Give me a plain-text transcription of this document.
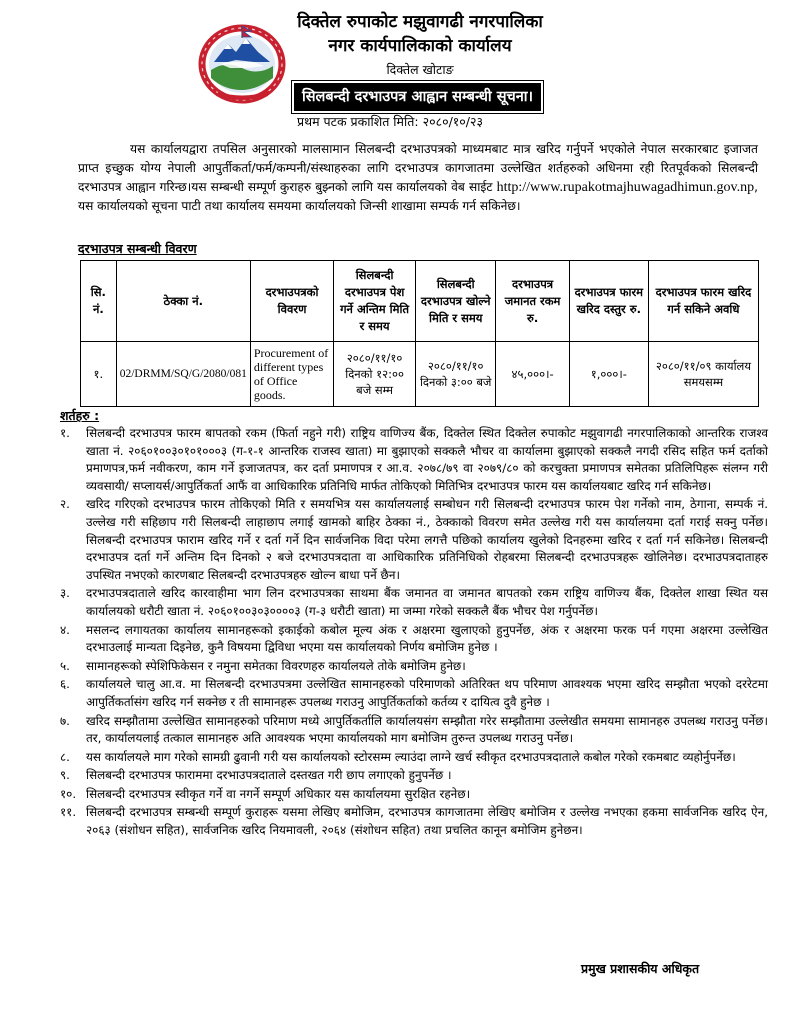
दिक्तेल रुपाकोट मझुवागढी नगरपालिका

नगर कार्यपालिकाको कार्यालय

दिक्तेल खोटाङ

सिलबन्दी दरभाउपत्र आह्वान सम्बन्धी सूचना।
प्रथम पटक प्रकाशित मिति: २०८०/१०/२३
यस कार्यालयद्वारा तपसिल अनुसारको मालसामान सिलबन्दी दरभाउपत्रको माध्यमबाट मात्र खरिद गर्नुपर्ने भएकोले नेपाल सरकारबाट इजाजत प्राप्त इच्छुक योग्य नेपाली आपुर्तीकर्ता/फर्म/कम्पनी/संस्थाहरुका लागि दरभाउपत्र कागजातमा उल्लेखित शर्तहरुको अधिनमा रही रितपूर्वकको सिलबन्दी दरभाउपत्र आह्वान गरिन्छ।यस सम्बन्धी सम्पूर्ण कुराहरु बुझ्नको लागि यस कार्यालयको वेब साईट http://www.rupakotmajhuwagadhimun.gov.np, यस कार्यालयको सूचना पाटी तथा कार्यालय समयमा कार्यालयको जिन्सी शाखामा सम्पर्क गर्न सकिनेछ।
दरभाउपत्र सम्बन्धी विवरण
सि. नं.	ठेक्का नं.	दरभाउपत्रको विवरण	सिलबन्दी दरभाउपत्र पेश गर्ने अन्तिम मिति र समय	सिलबन्दी दरभाउपत्र खोल्ने मिति र समय	दरभाउपत्र जमानत रकम रु.	दरभाउपत्र फारम खरिद दस्तुर रु.	दरभाउपत्र फारम खरिद गर्न सकिने अवधि
१.	02/DRMM/SQ/G/2080/081	Procurement of different types of Office goods.	२०८०/११/१० दिनको १२:०० बजे सम्म	२०८०/११/१० दिनको ३:०० बजे	४५,०००।-	१,०००।-	२०८०/११/०९ कार्यालय समयसम्म
शर्तहरु :
१.	सिलबन्दी दरभाउपत्र फारम बापतको रकम (फिर्ता नहुने गरी) राष्ट्रिय वाणिज्य बैंक, दिक्तेल स्थित दिक्तेल रुपाकोट मझुवागढी नगरपालिकाको आन्तरिक राजश्व खाता नं. २०६०१००३०१०१०००३ (ग-१-१ आन्तरिक राजस्व खाता) मा बुझाएको सक्कलै भौचर वा कार्यालमा बुझाएको सक्कलै नगदी रसिद सहित फर्म दर्ताको प्रमाणपत्र,फर्म नवीकरण, काम गर्ने इजाजतपत्र, कर दर्ता प्रमाणपत्र र आ.व. २०७८/७९ वा २०७९/८० को करचुक्ता प्रमाणपत्र समेतका प्रतिलिपिहरू संलग्न गरी व्यवसायी/ सप्लायर्स/आपुर्तिकर्ता आफैं वा आधिकारिक प्रतिनिधि मार्फत तोकिएको मितिभित्र दरभाउपत्र फारम यस कार्यालयबाट खरिद गर्न सकिनेछ।
२.	खरिद गरिएको दरभाउपत्र फारम तोकिएको मिति र समयभित्र यस कार्यालयलाई सम्बोधन गरी सिलबन्दी दरभाउपत्र फारम पेश गर्नेको नाम, ठेगाना, सम्पर्क नं. उल्लेख गरी सहिछाप गरी सिलबन्दी लाहाछाप लगाई खामको बाहिर ठेक्का नं., ठेक्काको विवरण समेत उल्लेख गरी यस कार्यालयमा दर्ता गराई सक्नु पर्नेछ। सिलबन्दी दरभाउपत्र फाराम खरिद गर्ने र दर्ता गर्ने दिन सार्वजनिक विदा परेमा लगत्तै पछिको कार्यालय खुलेको दिनहरुमा खरिद र दर्ता गर्न सकिनेछ। सिलबन्दी दरभाउपत्र दर्ता गर्ने अन्तिम दिन दिनको २ बजे दरभाउपत्रदाता वा आधिकारिक प्रतिनिधिको रोहबरमा सिलबन्दी दरभाउपत्रहरू खोलिनेछ। दरभाउपत्रदाताहरु उपस्थित नभएको कारणबाट सिलबन्दी दरभाउपत्रहरु खोल्न बाधा पर्ने छैन।
३.	दरभाउपत्रदाताले खरिद कारवाहीमा भाग लिन दरभाउपत्रका साथमा बैंक जमानत वा जमानत बापतको रकम राष्ट्रिय वाणिज्य बैंक, दिक्तेल शाखा स्थित यस कार्यालयको धरौटी खाता नं. २०६०१००३०३००००३ (ग-३ धरौटी खाता) मा जम्मा गरेको सक्कलै बैंक भौचर पेश गर्नुपर्नेछ।
४.	मसलन्द लगायतका कार्यालय सामानहरूको इकाईको कबोल मूल्य अंक र अक्षरमा खुलाएको हुनुपर्नेछ, अंक र अक्षरमा फरक पर्न गएमा अक्षरमा उल्लेखित दरभाउलाई मान्यता दिइनेछ, कुनै विषयमा द्विविधा भएमा यस कार्यालयको निर्णय बमोजिम हुनेछ ।
५.	सामानहरूको स्पेशिफिकेसन र नमुना समेतका विवरणहरु कार्यालयले तोके बमोजिम हुनेछ।
६.	कार्यालयले चालु आ.व. मा सिलबन्दी दरभाउपत्रमा उल्लेखित सामानहरुको परिमाणको अतिरिक्त थप परिमाण आवश्यक भएमा खरिद सम्झौता भएको दररेटमा आपुर्तिकर्तासंग खरिद गर्न सक्नेछ र ती सामानहरू उपलब्ध गराउनु आपुर्तिकर्ताको कर्तव्य र दायित्व दुवै हुनेछ ।
७.	खरिद सम्झौतामा उल्लेखित सामानहरुको परिमाण मध्ये आपुर्तिकर्तालि कार्यालयसंग सम्झौता गरेर सम्झौतामा उल्लेखीत समयमा सामानहरु उपलब्ध गराउनु पर्नेछ।तर, कार्यालयलाई तत्काल सामानहरु अति आवश्यक भएमा कार्यालयको माग बमोजिम तुरुन्त उपलब्ध गराउनु पर्नेछ।
८.	यस कार्यालयले माग गरेको सामग्री ढुवानी गरी यस कार्यालयको स्टोरसम्म ल्याउंदा लाग्ने खर्च स्वीकृत दरभाउपत्रदाताले कबोल गरेको रकमबाट व्यहोर्नुपर्नेछ।
९.	सिलबन्दी दरभाउपत्र फाराममा दरभाउपत्रदाताले दस्तखत गरी छाप लगाएको हुनुपर्नेछ ।
१०. सिलबन्दी दरभाउपत्र स्वीकृत गर्ने वा नगर्ने सम्पूर्ण अधिकार यस कार्यालयमा सुरक्षित रहनेछ।
११. सिलबन्दी दरभाउपत्र सम्बन्धी सम्पूर्ण कुराहरू यसमा लेखिए बमोजिम, दरभाउपत्र कागजातमा लेखिए बमोजिम र उल्लेख नभएका हकमा सार्वजनिक खरिद ऐन, २०६३ (संशोधन सहित), सार्वजनिक खरिद नियमावली, २०६४ (संशोधन सहित) तथा प्रचलित कानून बमोजिम हुनेछन।
प्रमुख प्रशासकीय अधिकृत
